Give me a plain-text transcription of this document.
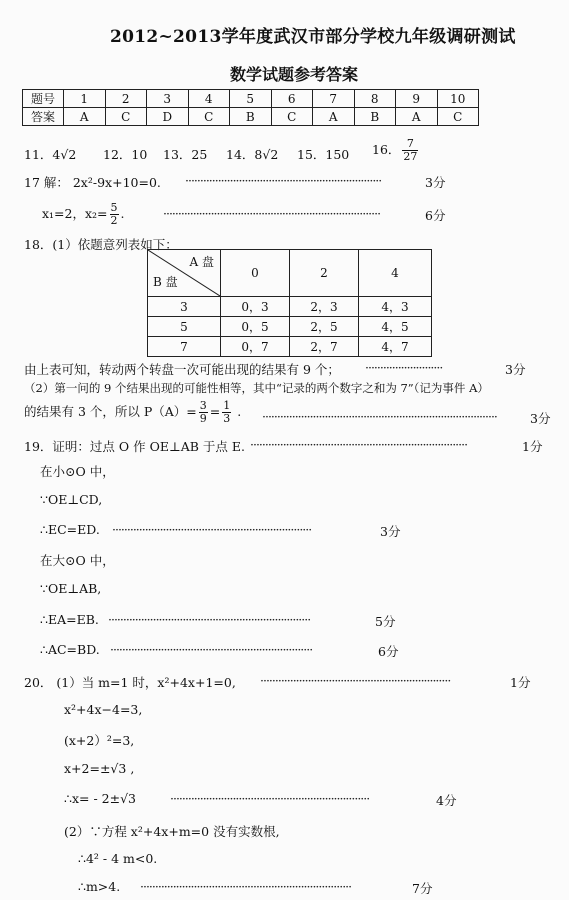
2012~2013学年度武汉市部分学校九年级调研测试
数学试题参考答案
题号	1	2	3	4	5	6	7	8	9	10
答案	A	C	D	C	B	C	A	B	A	C
11．4√2 12．10 13．25 14．8√2 15．150 16． $\frac{7}{27}$
17 解： 2x²-9x+10=0. ··································································	3分
x₁=2，$x_2= \frac{5}{2}$ .	·········································································	6分
18．(1）依题意列表如下：
A 盘
B 盘	0	2	4
3	0，3	2，3	4，3
5	0，5	2，5	4，5
7	0，7	2，7	4，7
由上表可知，转动两个转盘一次可能出现的结果有 9 个； ··························	3分
（2）第一问的 9 个结果出现的可能性相等，其中“记录的两个数字之和为 7”（记为事件 A）
的结果有 3 个，所以 $P(A)= \frac{3}{9} = \frac{1}{3}$ . ···············································································	3分
19．证明：过点 O 作 OE⊥AB 于点 E. ·········································································	1分
在小⊙O 中，
∵OE⊥CD,
∴EC=ED. ···································································	3分
在大⊙O 中，
∵OE⊥AB,
∴EA=EB. ····································································	5分
∴AC=BD. ····································································	6分
20． (1）当 m=1 时，x²+4x+1=0, ································································	1分
x²+4x−4=3,
(x+2）²=3,
x+2=±√3 ,
∴x= - 2±√3	···································································	4分
(2）∵方程 x²+4x+m=0 没有实数根,
∴4² - 4 m<0.
∴m>4. ·······································································	7分
